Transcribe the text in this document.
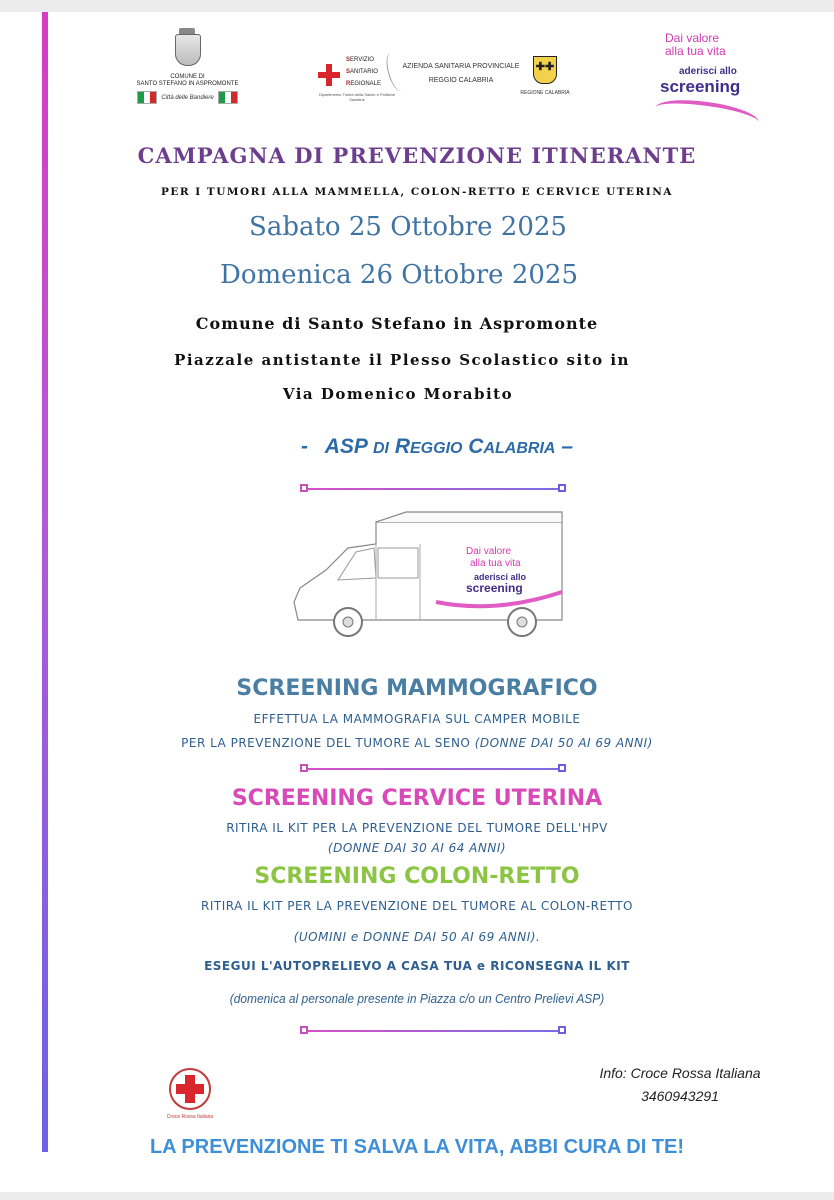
COMUNE DI
SANTO STEFANO IN ASPROMONTE
Città delle Bandiere
SERVIZIO
SANITARIO
REGIONALE
Dipartimento Tutela della Salute e Politiche Sanitarie
AZIENDA SANITARIA PROVINCIALE
REGGIO CALABRIA
✚✚
REGIONE CALABRIA
Dai valore
alla tua vita
aderisci allo
screening
CAMPAGNA DI PREVENZIONE ITINERANTE
PER I TUMORI ALLA MAMMELLA, COLON-RETTO E CERVICE UTERINA
Sabato 25 Ottobre 2025
Domenica 26 Ottobre 2025
Comune di Santo Stefano in Aspromonte
Piazzale antistante il Plesso Scolastico sito in
Via Domenico Morabito
- ASP DI REGGIO CALABRIA –
Dai valore
alla tua vita
aderisci allo
screening
SCREENING MAMMOGRAFICO
EFFETTUA LA MAMMOGRAFIA SUL CAMPER MOBILE
PER LA PREVENZIONE DEL TUMORE AL SENO (DONNE DAI 50 AI 69 ANNI)
SCREENING CERVICE UTERINA
RITIRA IL KIT PER LA PREVENZIONE DEL TUMORE DELL'HPV
(DONNE DAI 30 AI 64 ANNI)
SCREENING COLON-RETTO
RITIRA IL KIT PER LA PREVENZIONE DEL TUMORE AL COLON-RETTO
(UOMINI e DONNE DAI 50 AI 69 ANNI).
ESEGUI L'AUTOPRELIEVO A CASA TUA e RICONSEGNA IL KIT
(domenica al personale presente in Piazza c/o un Centro Prelievi ASP)
Croce Rossa Italiana
Info: Croce Rossa Italiana
3460943291
LA PREVENZIONE TI SALVA LA VITA, ABBI CURA DI TE!
